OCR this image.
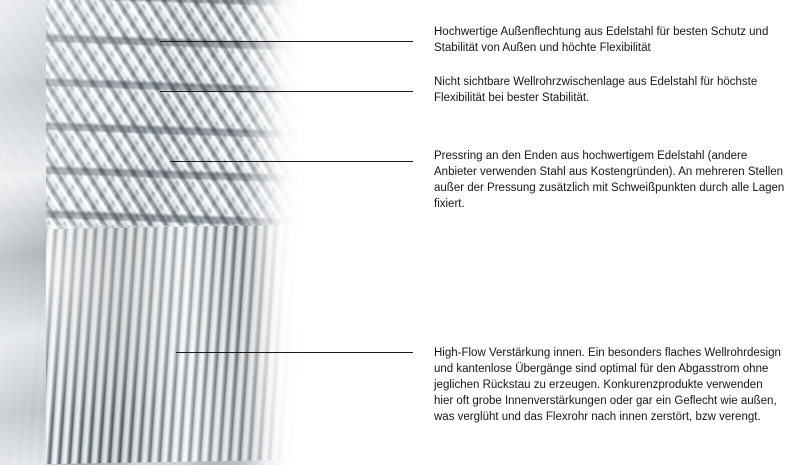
Hochwertige Außenflechtung aus Edelstahl für besten Schutz und Stabilität von Außen und höchte Flexibilität
Nicht sichtbare Wellrohrzwischenlage aus Edelstahl für höchste Flexibilität bei bester Stabilität.
Pressring an den Enden aus hochwertigem Edelstahl (andere Anbieter verwenden Stahl aus Kostengründen). An mehreren Stellen außer der Pressung zusätzlich mit Schweißpunkten durch alle Lagen fixiert.
High-Flow Verstärkung innen. Ein besonders flaches Wellrohrdesign und kantenlose Übergänge sind optimal für den Abgasstrom ohne jeglichen Rückstau zu erzeugen. Konkurenzprodukte verwenden hier oft grobe Innenverstärkungen oder gar ein Geflecht wie außen, was verglüht und das Flexrohr nach innen zerstört, bzw verengt.
